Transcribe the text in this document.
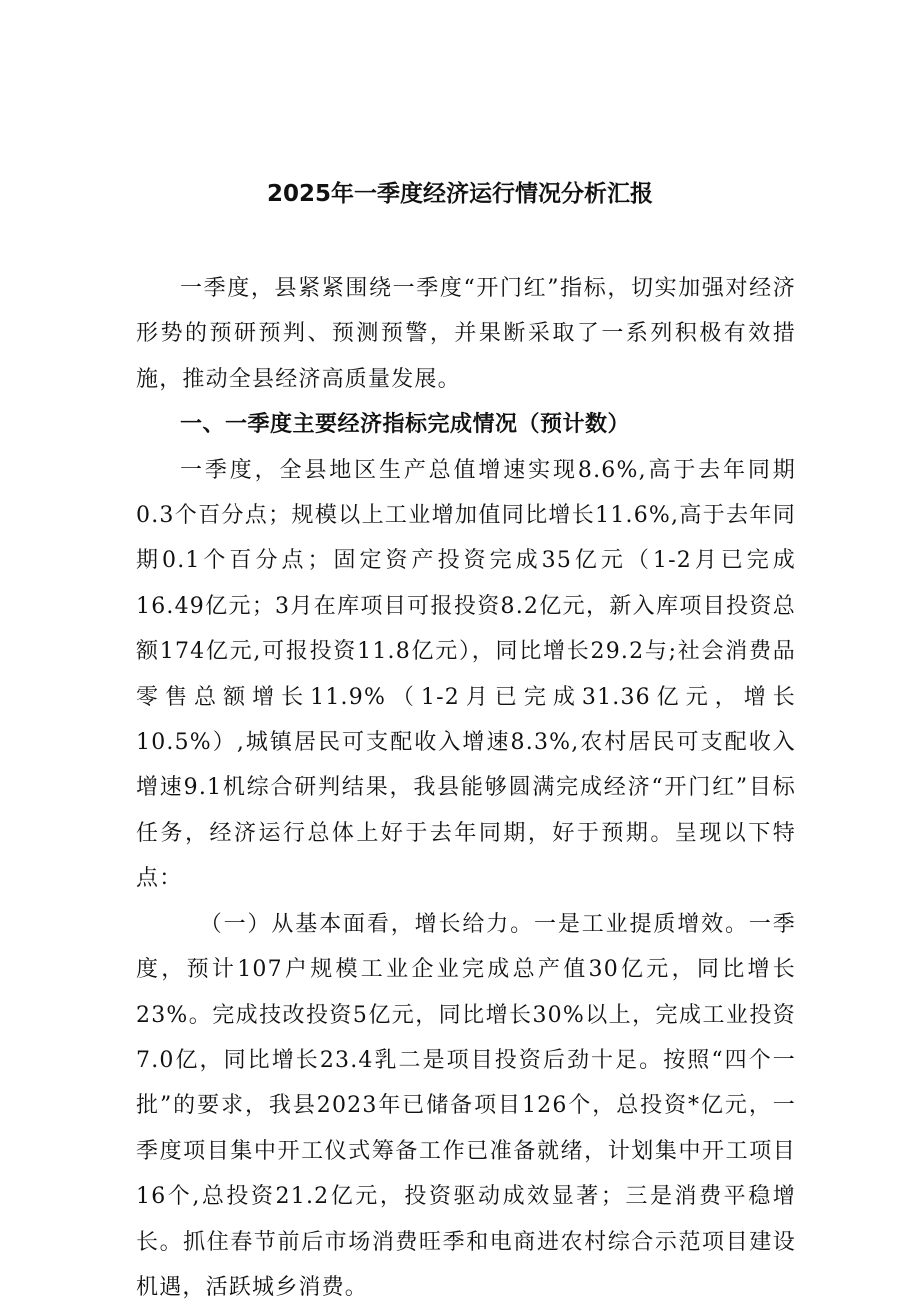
2025年一季度经济运行情况分析汇报

一季度，县紧紧围绕一季度“开门红”指标，切实加强对经济形势的预研预判、预测预警，并果断采取了一系列积极有效措施，推动全县经济高质量发展。

一、一季度主要经济指标完成情况（预计数）

一季度，全县地区生产总值增速实现8.6%,高于去年同期0.3个百分点；规模以上工业增加值同比增长11.6%,高于去年同期0.1个百分点；固定资产投资完成35亿元（1-2月已完成16.49亿元；3月在库项目可报投资8.2亿元，新入库项目投资总额174亿元,可报投资11.8亿元），同比增长29.2与;社会消费品零售总额增长11.9%（1-2月已完成31.36亿元，增长10.5%）,城镇居民可支配收入增速8.3%,农村居民可支配收入增速9.1机综合研判结果，我县能够圆满完成经济“开门红”目标任务，经济运行总体上好于去年同期，好于预期。呈现以下特点：

（一）从基本面看，增长给力。一是工业提质增效。一季度，预计107户规模工业企业完成总产值30亿元，同比增长23%。完成技改投资5亿元，同比增长30%以上，完成工业投资7.0亿，同比增长23.4乳二是项目投资后劲十足。按照“四个一批”的要求，我县2023年已储备项目126个，总投资*亿元，一季度项目集中开工仪式筹备工作已准备就绪，计划集中开工项目16个,总投资21.2亿元，投资驱动成效显著；三是消费平稳增长。抓住春节前后市场消费旺季和电商进农村综合示范项目建设机遇，活跃城乡消费。
